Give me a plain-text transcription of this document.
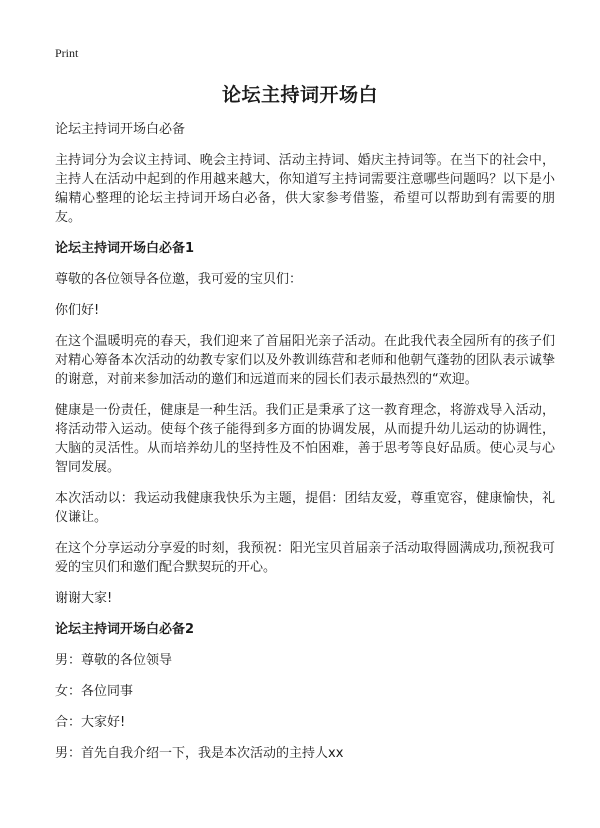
Print
论坛主持词开场白

论坛主持词开场白必备

主持词分为会议主持词、晚会主持词、活动主持词、婚庆主持词等。在当下的社会中，主持人在活动中起到的作用越来越大，你知道写主持词需要注意哪些问题吗？以下是小编精心整理的论坛主持词开场白必备，供大家参考借鉴，希望可以帮助到有需要的朋友。

论坛主持词开场白必备1

尊敬的各位领导各位邀，我可爱的宝贝们：

你们好!

在这个温暖明亮的春天，我们迎来了首届阳光亲子活动。在此我代表全园所有的孩子们对精心筹备本次活动的幼教专家们以及外教训练营和老师和他朝气蓬勃的团队表示诚挚的谢意，对前来参加活动的邀们和远道而来的园长们表示最热烈的“欢迎。

健康是一份责任，健康是一种生活。我们正是秉承了这一教育理念，将游戏导入活动，将活动带入运动。使每个孩子能得到多方面的协调发展，从而提升幼儿运动的协调性，大脑的灵活性。从而培养幼儿的坚持性及不怕困难，善于思考等良好品质。使心灵与心智同发展。

本次活动以：我运动我健康我快乐为主题，提倡：团结友爱，尊重宽容，健康愉快，礼仪谦让。

在这个分享运动分享爱的时刻，我预祝：阳光宝贝首届亲子活动取得圆满成功,预祝我可爱的宝贝们和邀们配合默契玩的开心。

谢谢大家!

论坛主持词开场白必备2

男：尊敬的各位领导

女：各位同事

合：大家好!

男：首先自我介绍一下，我是本次活动的主持人xx
